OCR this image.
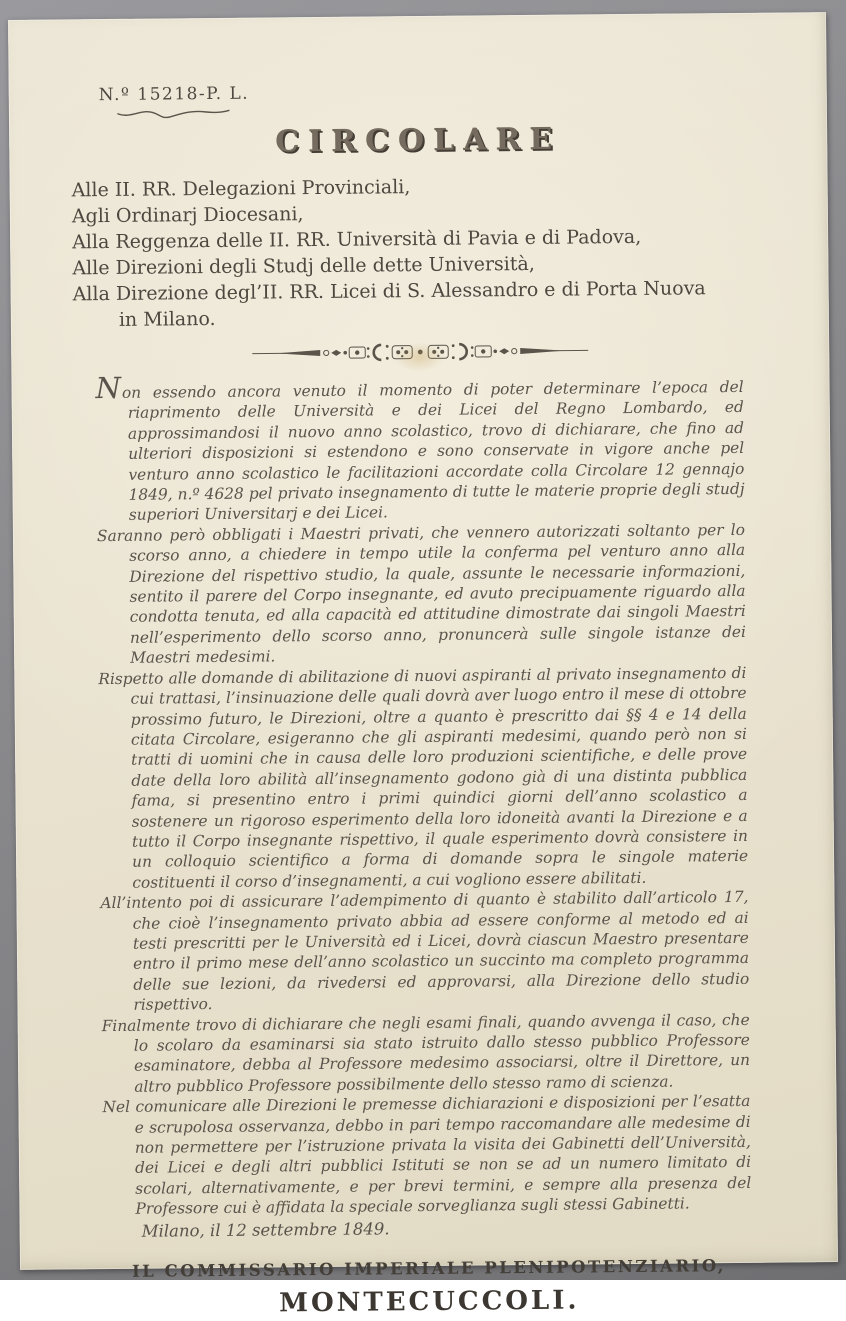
N.º 15218-P. L.
CIRCOLARE
Alle II. RR. Delegazioni Provinciali,
Agli Ordinarj Diocesani,
Alla Reggenza delle II. RR. Università di Pavia e di Padova,
Alle Direzioni degli Studj delle dette Università,
Alla Direzione degl’II. RR. Licei di S. Alessandro e di Porta Nuova
in Milano.

Non essendo ancora venuto il momento di poter determinare l’epoca del riaprimento delle Università e dei Licei del Regno Lombardo, ed approssimandosi il nuovo anno scolastico, trovo di dichiarare, che fino ad ulteriori disposizioni si estendono e sono conservate in vigore anche pel venturo anno scolastico le facilitazioni accordate colla Circolare 12 gennajo 1849, n.º 4628 pel privato insegnamento di tutte le materie proprie degli studj superiori Universitarj e dei Licei.

Saranno però obbligati i Maestri privati, che vennero autorizzati soltanto per lo scorso anno, a chiedere in tempo utile la conferma pel venturo anno alla Direzione del rispettivo studio, la quale, assunte le necessarie informazioni, sentito il parere del Corpo insegnante, ed avuto precipuamente riguardo alla condotta tenuta, ed alla capacità ed attitudine dimostrate dai singoli Maestri nell’esperimento dello scorso anno, pronuncerà sulle singole istanze dei Maestri medesimi.

Rispetto alle domande di abilitazione di nuovi aspiranti al privato insegnamento di cui trattasi, l’insinuazione delle quali dovrà aver luogo entro il mese di ottobre prossimo futuro, le Direzioni, oltre a quanto è prescritto dai §§ 4 e 14 della citata Circolare, esigeranno che gli aspiranti medesimi, quando però non si tratti di uomini che in causa delle loro produzioni scientifiche, e delle prove date della loro abilità all’insegnamento godono già di una distinta pubblica fama, si presentino entro i primi quindici giorni dell’anno scolastico a sostenere un rigoroso esperimento della loro idoneità avanti la Direzione e a tutto il Corpo insegnante rispettivo, il quale esperimento dovrà consistere in un colloquio scientifico a forma di domande sopra le singole materie costituenti il corso d’insegnamenti, a cui vogliono essere abilitati.

All’intento poi di assicurare l’adempimento di quanto è stabilito dall’articolo 17, che cioè l’insegnamento privato abbia ad essere conforme al metodo ed ai testi prescritti per le Università ed i Licei, dovrà ciascun Maestro presentare entro il primo mese dell’anno scolastico un succinto ma completo programma delle sue lezioni, da rivedersi ed approvarsi, alla Direzione dello studio rispettivo.

Finalmente trovo di dichiarare che negli esami finali, quando avvenga il caso, che lo scolaro da esaminarsi sia stato istruito dallo stesso pubblico Professore esaminatore, debba al Professore medesimo associarsi, oltre il Direttore, un altro pubblico Professore possibilmente dello stesso ramo di scienza.

Nel comunicare alle Direzioni le premesse dichiarazioni e disposizioni per l’esatta e scrupolosa osservanza, debbo in pari tempo raccomandare alle medesime di non permettere per l’istruzione privata la visita dei Gabinetti dell’Università, dei Licei e degli altri pubblici Istituti se non se ad un numero limitato di scolari, alternativamente, e per brevi termini, e sempre alla presenza del Professore cui è affidata la speciale sorveglianza sugli stessi Gabinetti.

Milano, il 12 settembre 1849.
IL COMMISSARIO IMPERIALE PLENIPOTENZIARIO,
MONTECUCCOLI.
